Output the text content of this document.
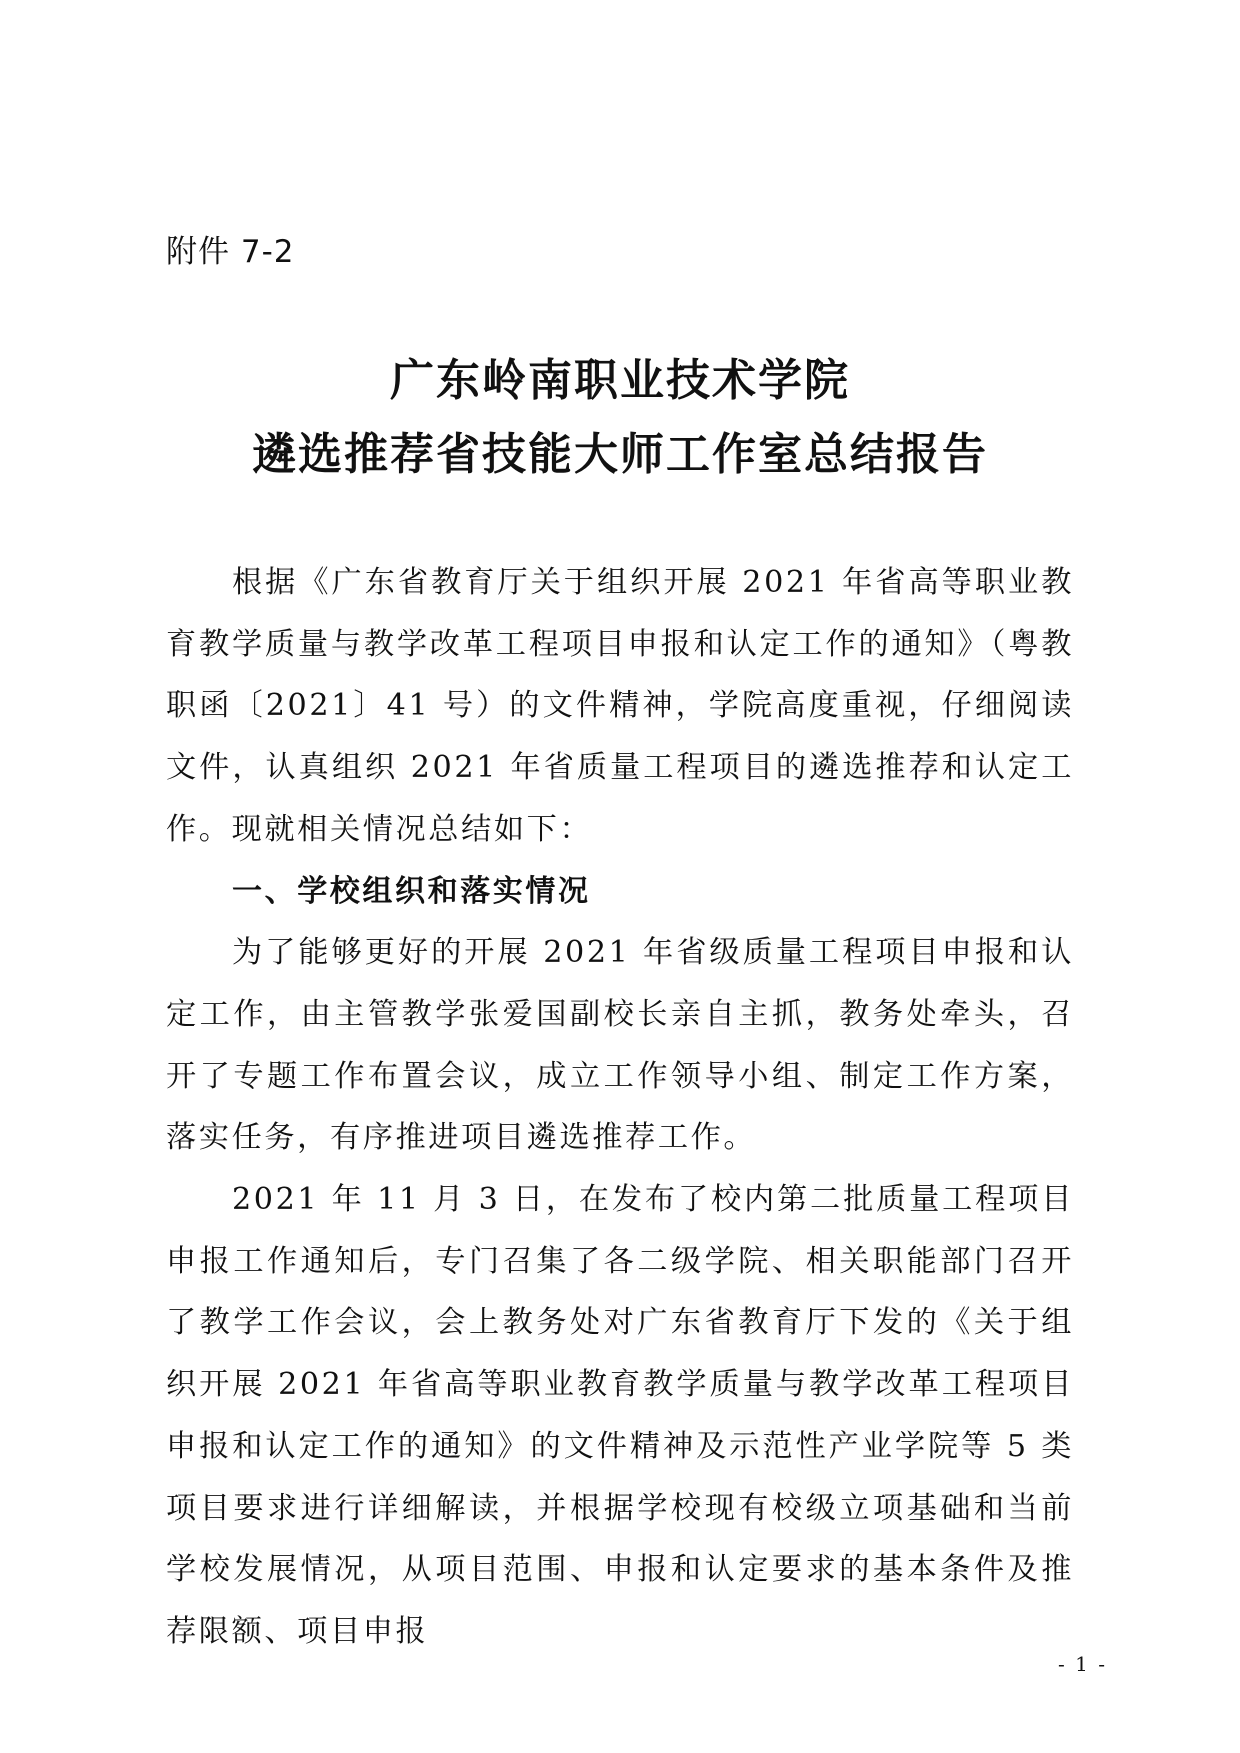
附件 7-2
广东岭南职业技术学院
遴选推荐省技能大师工作室总结报告

根据《广东省教育厅关于组织开展 2021 年省高等职业教育教学质量与教学改革工程项目申报和认定工作的通知》（粤教职函〔2021〕41 号）的文件精神，学院高度重视，仔细阅读文件，认真组织 2021 年省质量工程项目的遴选推荐和认定工作。现就相关情况总结如下：

一、学校组织和落实情况

为了能够更好的开展 2021 年省级质量工程项目申报和认定工作，由主管教学张爱国副校长亲自主抓，教务处牵头，召开了专题工作布置会议，成立工作领导小组、制定工作方案，落实任务，有序推进项目遴选推荐工作。

2021 年 11 月 3 日，在发布了校内第二批质量工程项目申报工作通知后，专门召集了各二级学院、相关职能部门召开了教学工作会议，会上教务处对广东省教育厅下发的《关于组织开展 2021 年省高等职业教育教学质量与教学改革工程项目申报和认定工作的通知》的文件精神及示范性产业学院等 5 类项目要求进行详细解读，并根据学校现有校级立项基础和当前学校发展情况，从项目范围、申报和认定要求的基本条件及推荐限额、项目申报

- 1 -
